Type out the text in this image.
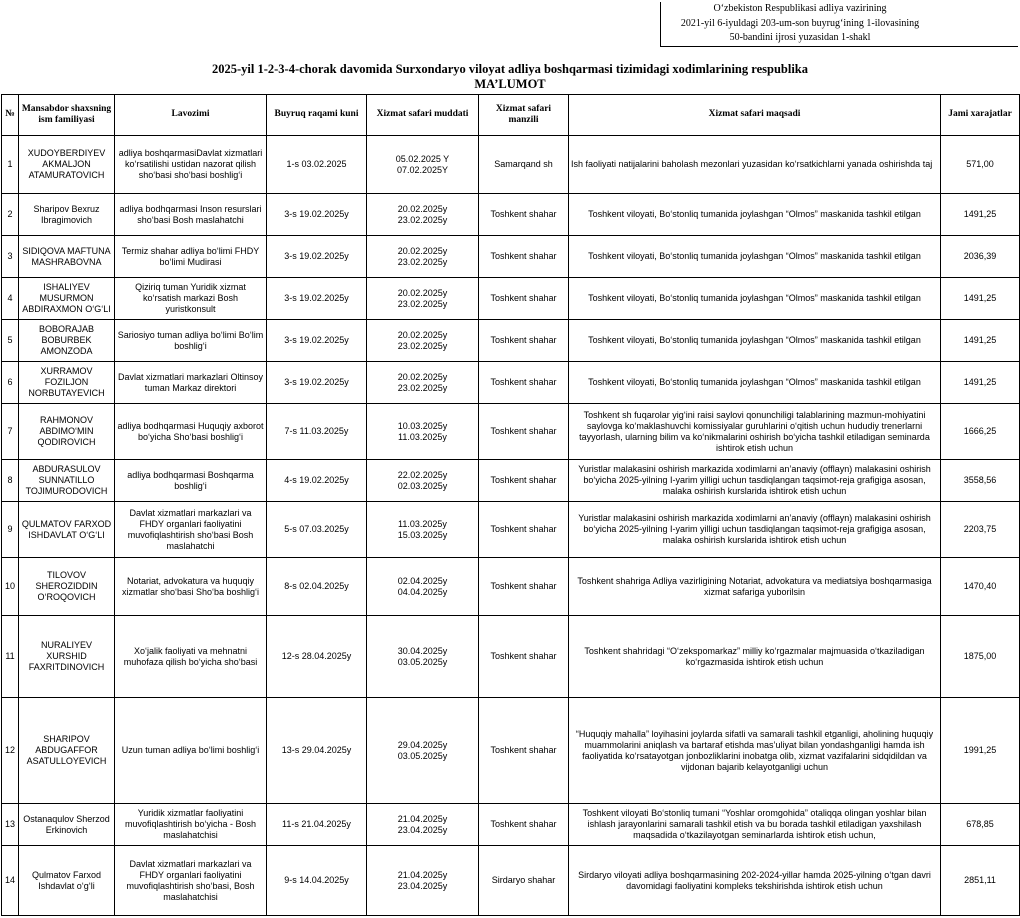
O‘zbekiston Respublikasi adliya vazirining
2021-yil 6-iyuldagi 203-um-son buyrug‘ining 1-ilovasining
50-bandini ijrosi yuzasidan 1-shakl
2025-yil 1-2-3-4-chorak davomida Surxondaryo viloyat adliya boshqarmasi tizimidagi xodimlarining respublika
MA’LUMOT
№	Mansabdor shaxsning ism familiyasi	Lavozimi	Buyruq raqami kuni	Xizmat safari muddati	Xizmat safari manzili	Xizmat safari maqsadi	Jami xarajatlar
1	XUDOYBERDIYEV AKMALJON ATAMURATOVICH	adliya boshqarmasiDavlat xizmatlari ko‘rsatilishi ustidan nazorat qilish sho‘basi sho‘basi boshlig‘i	1-s 03.02.2025	05.02.2025 Y
07.02.2025Y	Samarqand sh	Ish faoliyati natijalarini baholash mezonlari yuzasidan ko‘rsatkichlarni yanada oshirishda taj	571,00
2	Sharipov Bexruz Ibragimovich	adliya bodhqarmasi Inson resurslari sho‘basi Bosh maslahatchi	3-s 19.02.2025y	20.02.2025y
23.02.2025y	Toshkent shahar	Toshkent viloyati, Bo‘stonliq tumanida joylashgan “Olmos” maskanida tashkil etilgan	1491,25
3	SIDIQOVA MAFTUNA MASHRABOVNA	Termiz shahar adliya bo‘limi FHDY bo‘limi Mudirasi	3-s 19.02.2025y	20.02.2025y
23.02.2025y	Toshkent shahar	Toshkent viloyati, Bo‘stonliq tumanida joylashgan “Olmos” maskanida tashkil etilgan	2036,39
4	ISHALIYEV MUSURMON ABDIRAXMON O‘G‘LI	Qiziriq tuman Yuridik xizmat ko‘rsatish markazi Bosh yuristkonsult	3-s 19.02.2025y	20.02.2025y
23.02.2025y	Toshkent shahar	Toshkent viloyati, Bo‘stonliq tumanida joylashgan “Olmos” maskanida tashkil etilgan	1491,25
5	BOBORAJAB BOBURBEK AMONZODA	Sariosiyo tuman adliya bo‘limi Bo‘lim boshlig‘i	3-s 19.02.2025y	20.02.2025y
23.02.2025y	Toshkent shahar	Toshkent viloyati, Bo‘stonliq tumanida joylashgan “Olmos” maskanida tashkil etilgan	1491,25
6	XURRAMOV FOZILJON NORBUTAYEVICH	Davlat xizmatlari markazlari Oltinsoy tuman Markaz direktori	3-s 19.02.2025y	20.02.2025y
23.02.2025y	Toshkent shahar	Toshkent viloyati, Bo‘stonliq tumanida joylashgan “Olmos” maskanida tashkil etilgan	1491,25
7	RAHMONOV ABDIMO‘MIN QODIROVICH	adliya bodhqarmasi Huquqiy axborot bo‘yicha Sho‘basi boshlig‘i	7-s 11.03.2025y	10.03.2025y
11.03.2025y	Toshkent shahar	Toshkent sh fuqarolar yig‘ini raisi saylovi qonunchiligi talablarining mazmun-mohiyatini saylovga ko‘maklashuvchi komissiyalar guruhlarini o‘qitish uchun hududiy trenerlarni tayyorlash, ularning bilim va ko‘nikmalarini oshirish bo‘yicha tashkil etiladigan seminarda ishtirok etish uchun	1666,25
8	ABDURASULOV SUNNATILLO TOJIMURODOVICH	adliya bodhqarmasi Boshqarma boshlig‘i	4-s 19.02.2025y	22.02.2025y
02.03.2025y	Toshkent shahar	Yuristlar malakasini oshirish markazida xodimlarni an’anaviy (offlayn) malakasini oshirish bo‘yicha 2025-yilning I-yarim yilligi uchun tasdiqlangan taqsimot-reja grafigiga asosan, malaka oshirish kurslarida ishtirok etish uchun	3558,56
9	QULMATOV FARXOD ISHDAVLAT O‘G‘LI	Davlat xizmatlari markazlari va FHDY organlari faoliyatini muvofiqlashtirish sho‘basi Bosh maslahatchi	5-s 07.03.2025y	11.03.2025y
15.03.2025y	Toshkent shahar	Yuristlar malakasini oshirish markazida xodimlarni an’anaviy (offlayn) malakasini oshirish bo‘yicha 2025-yilning I-yarim yilligi uchun tasdiqlangan taqsimot-reja grafigiga asosan, malaka oshirish kurslarida ishtirok etish uchun	2203,75
10	TILOVOV SHEROZIDDIN O‘ROQOVICH	Notariat, advokatura va huquqiy xizmatlar sho‘basi Sho‘ba boshlig‘i	8-s 02.04.2025y	02.04.2025y
04.04.2025y	Toshkent shahar	Toshkent shahriga Adliya vazirligining Notariat, advokatura va mediatsiya boshqarmasiga xizmat safariga yuborilsin	1470,40
11	NURALIYEV XURSHID FAXRITDINOVICH	Xo‘jalik faoliyati va mehnatni muhofaza qilish bo‘yicha sho‘basi	12-s 28.04.2025y	30.04.2025y
03.05.2025y	Toshkent shahar	Toshkent shahridagi “O‘zekspomarkaz” milliy ko‘rgazmalar majmuasida o‘tkaziladigan ko‘rgazmasida ishtirok etish uchun	1875,00
12	SHARIPOV ABDUGAFFOR ASATULLOYEVICH	Uzun tuman adliya bo‘limi boshlig‘i	13-s 29.04.2025y	29.04.2025y
03.05.2025y	Toshkent shahar	“Huquqiy mahalla” loyihasini joylarda sifatli va samarali tashkil etganligi, aholining huquqiy muammolarini aniqlash va bartaraf etishda mas’uliyat bilan yondashganligi hamda ish faoliyatida ko‘rsatayotgan jonbozliklarini inobatga olib, xizmat vazifalarini sidqidildan va vijdonan bajarib kelayotganligi uchun	1991,25
13	Ostanaqulov Sherzod Erkinovich	Yuridik xizmatlar faoliyatini muvofiqlashtirish bo‘yicha - Bosh maslahatchisi	11-s 21.04.2025y	21.04.2025y
23.04.2025y	Toshkent shahar	Toshkent viloyati Bo‘stonliq tumani “Yoshlar oromgohida” otaliqqa olingan yoshlar bilan ishlash jarayonlarini samarali tashkil etish va bu borada tashkil etiladigan yaxshilash maqsadida o‘tkazilayotgan seminarlarda ishtirok etish uchun,	678,85
14	Qulmatov Farxod Ishdavlat o‘g‘li	Davlat xizmatlari markazlari va FHDY organlari faoliyatini muvofiqlashtirish sho‘basi, Bosh maslahatchisi	9-s 14.04.2025y	21.04.2025y
23.04.2025y	Sirdaryo shahar	Sirdaryo viloyati adliya boshqarmasining 202-2024-yillar hamda 2025-yilning o‘tgan davri davomidagi faoliyatini kompleks tekshirishda ishtirok etish uchun	2851,11
